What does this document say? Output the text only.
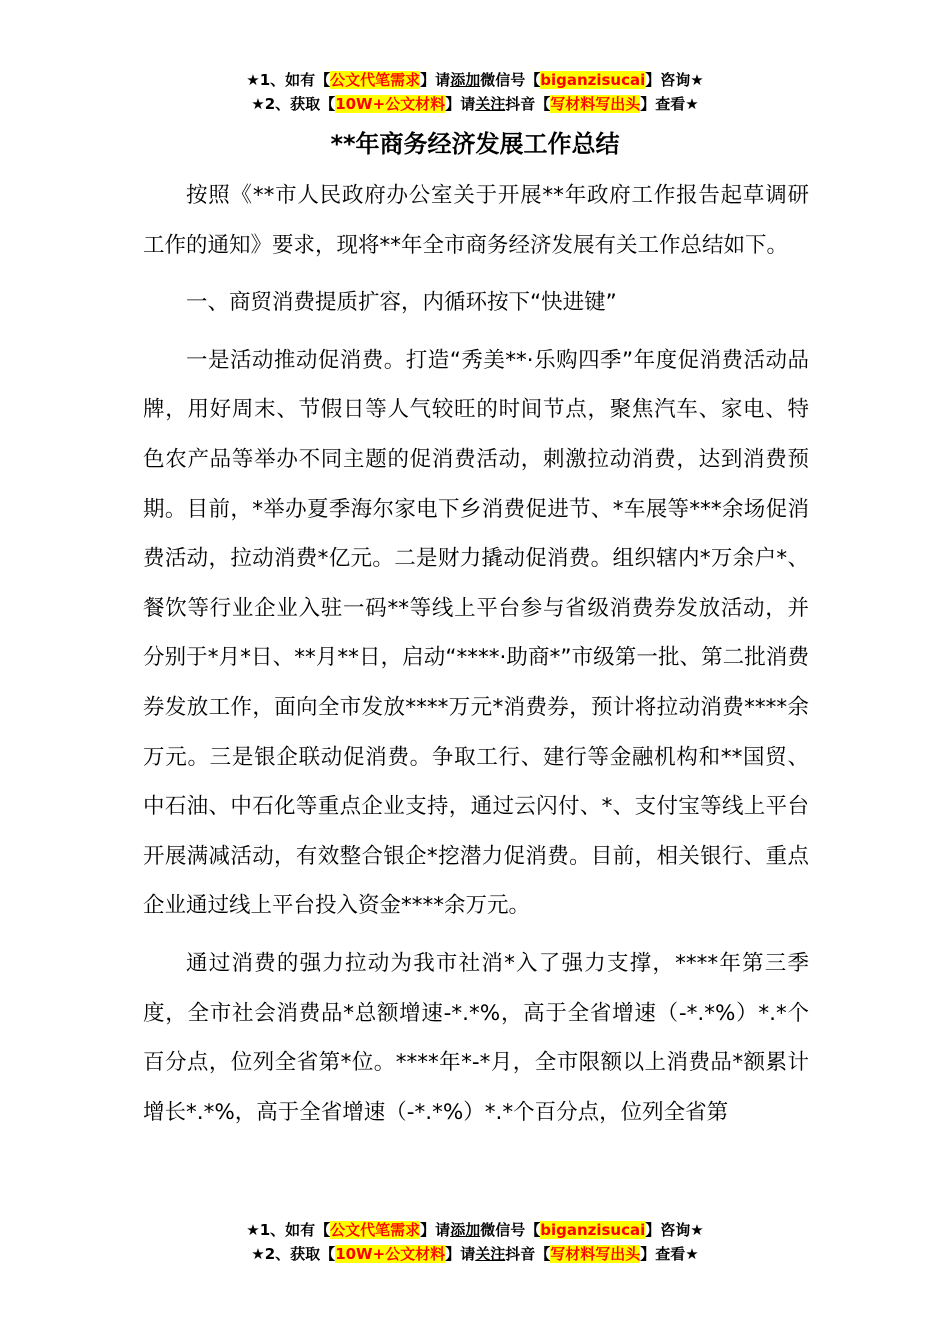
★1、如有【公文代笔需求】请添加微信号【biganzisucai】咨询★
★2、获取【10W+公文材料】请关注抖音【写材料写出头】查看★
**年商务经济发展工作总结

按照《**市人民政府办公室关于开展**年政府工作报告起草调研工作的通知》要求，现将**年全市商务经济发展有关工作总结如下。

一、商贸消费提质扩容，内循环按下“快进键”

一是活动推动促消费。打造“秀美**·乐购四季”年度促消费活动品牌，用好周末、节假日等人气较旺的时间节点，聚焦汽车、家电、特色农产品等举办不同主题的促消费活动，刺激拉动消费，达到消费预期。目前，*举办夏季海尔家电下乡消费促进节、*车展等***余场促消费活动，拉动消费*亿元。二是财力撬动促消费。组织辖内*万余户*、餐饮等行业企业入驻一码**等线上平台参与省级消费券发放活动，并分别于*月*日、**月**日，启动“****·助商*”市级第一批、第二批消费券发放工作，面向全市发放****万元*消费券，预计将拉动消费****余万元。三是银企联动促消费。争取工行、建行等金融机构和**国贸、中石油、中石化等重点企业支持，通过云闪付、*、支付宝等线上平台开展满减活动，有效整合银企*挖潜力促消费。目前，相关银行、重点企业通过线上平台投入资金****余万元。

通过消费的强力拉动为我市社消*入了强力支撑，****年第三季度，全市社会消费品*总额增速-*.*%，高于全省增速（-*.*%）*.*个百分点，位列全省第*位。****年*-*月，全市限额以上消费品*额累计增长*.*%，高于全省增速（-*.*%）*.*个百分点，位列全省第

★1、如有【公文代笔需求】请添加微信号【biganzisucai】咨询★
★2、获取【10W+公文材料】请关注抖音【写材料写出头】查看★
